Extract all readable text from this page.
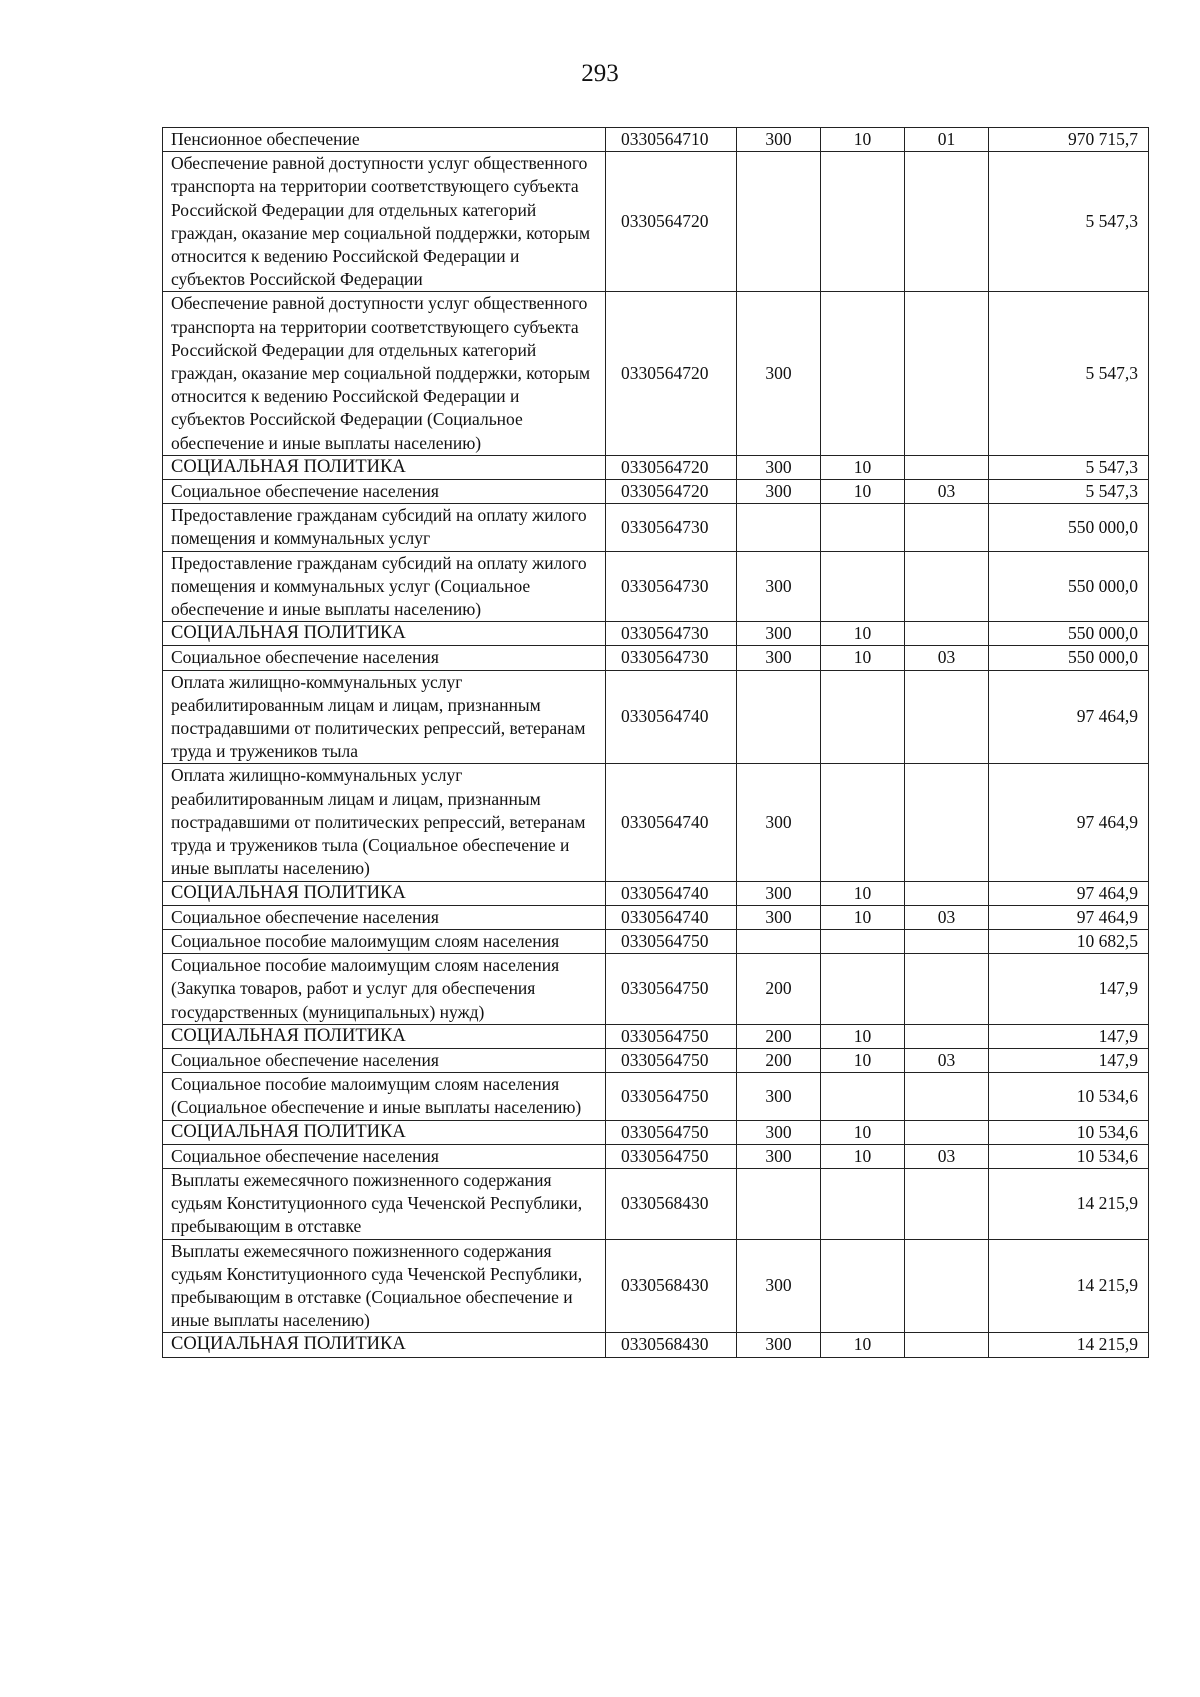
293
Пенсионное обеспечение	0330564710	300	10	01	970 715,7
Обеспечение равной доступности услуг общественного транспорта на территории соответствующего субъекта Российской Федерации для отдельных категорий граждан, оказание мер социальной поддержки, которым относится к ведению Российской Федерации и субъектов Российской Федерации	0330564720				5 547,3
Обеспечение равной доступности услуг общественного транспорта на территории соответствующего субъекта Российской Федерации для отдельных категорий граждан, оказание мер социальной поддержки, которым относится к ведению Российской Федерации и субъектов Российской Федерации (Социальное обеспечение и иные выплаты населению)	0330564720	300			5 547,3
СОЦИАЛЬНАЯ ПОЛИТИКА	0330564720	300	10		5 547,3
Социальное обеспечение населения	0330564720	300	10	03	5 547,3
Предоставление гражданам субсидий на оплату жилого помещения и коммунальных услуг	0330564730				550 000,0
Предоставление гражданам субсидий на оплату жилого помещения и коммунальных услуг (Социальное обеспечение и иные выплаты населению)	0330564730	300			550 000,0
СОЦИАЛЬНАЯ ПОЛИТИКА	0330564730	300	10		550 000,0
Социальное обеспечение населения	0330564730	300	10	03	550 000,0
Оплата жилищно-коммунальных услуг реабилитированным лицам и лицам, признанным пострадавшими от политических репрессий, ветеранам труда и тружеников тыла	0330564740				97 464,9
Оплата жилищно-коммунальных услуг реабилитированным лицам и лицам, признанным пострадавшими от политических репрессий, ветеранам труда и тружеников тыла (Социальное обеспечение и иные выплаты населению)	0330564740	300			97 464,9
СОЦИАЛЬНАЯ ПОЛИТИКА	0330564740	300	10		97 464,9
Социальное обеспечение населения	0330564740	300	10	03	97 464,9
Социальное пособие малоимущим слоям населения	0330564750				10 682,5
Социальное пособие малоимущим слоям населения (Закупка товаров, работ и услуг для обеспечения государственных (муниципальных) нужд)	0330564750	200			147,9
СОЦИАЛЬНАЯ ПОЛИТИКА	0330564750	200	10		147,9
Социальное обеспечение населения	0330564750	200	10	03	147,9
Социальное пособие малоимущим слоям населения (Социальное обеспечение и иные выплаты населению)	0330564750	300			10 534,6
СОЦИАЛЬНАЯ ПОЛИТИКА	0330564750	300	10		10 534,6
Социальное обеспечение населения	0330564750	300	10	03	10 534,6
Выплаты ежемесячного пожизненного содержания судьям Конституционного суда Чеченской Республики, пребывающим в отставке	0330568430				14 215,9
Выплаты ежемесячного пожизненного содержания судьям Конституционного суда Чеченской Республики, пребывающим в отставке (Социальное обеспечение и иные выплаты населению)	0330568430	300			14 215,9
СОЦИАЛЬНАЯ ПОЛИТИКА	0330568430	300	10		14 215,9
